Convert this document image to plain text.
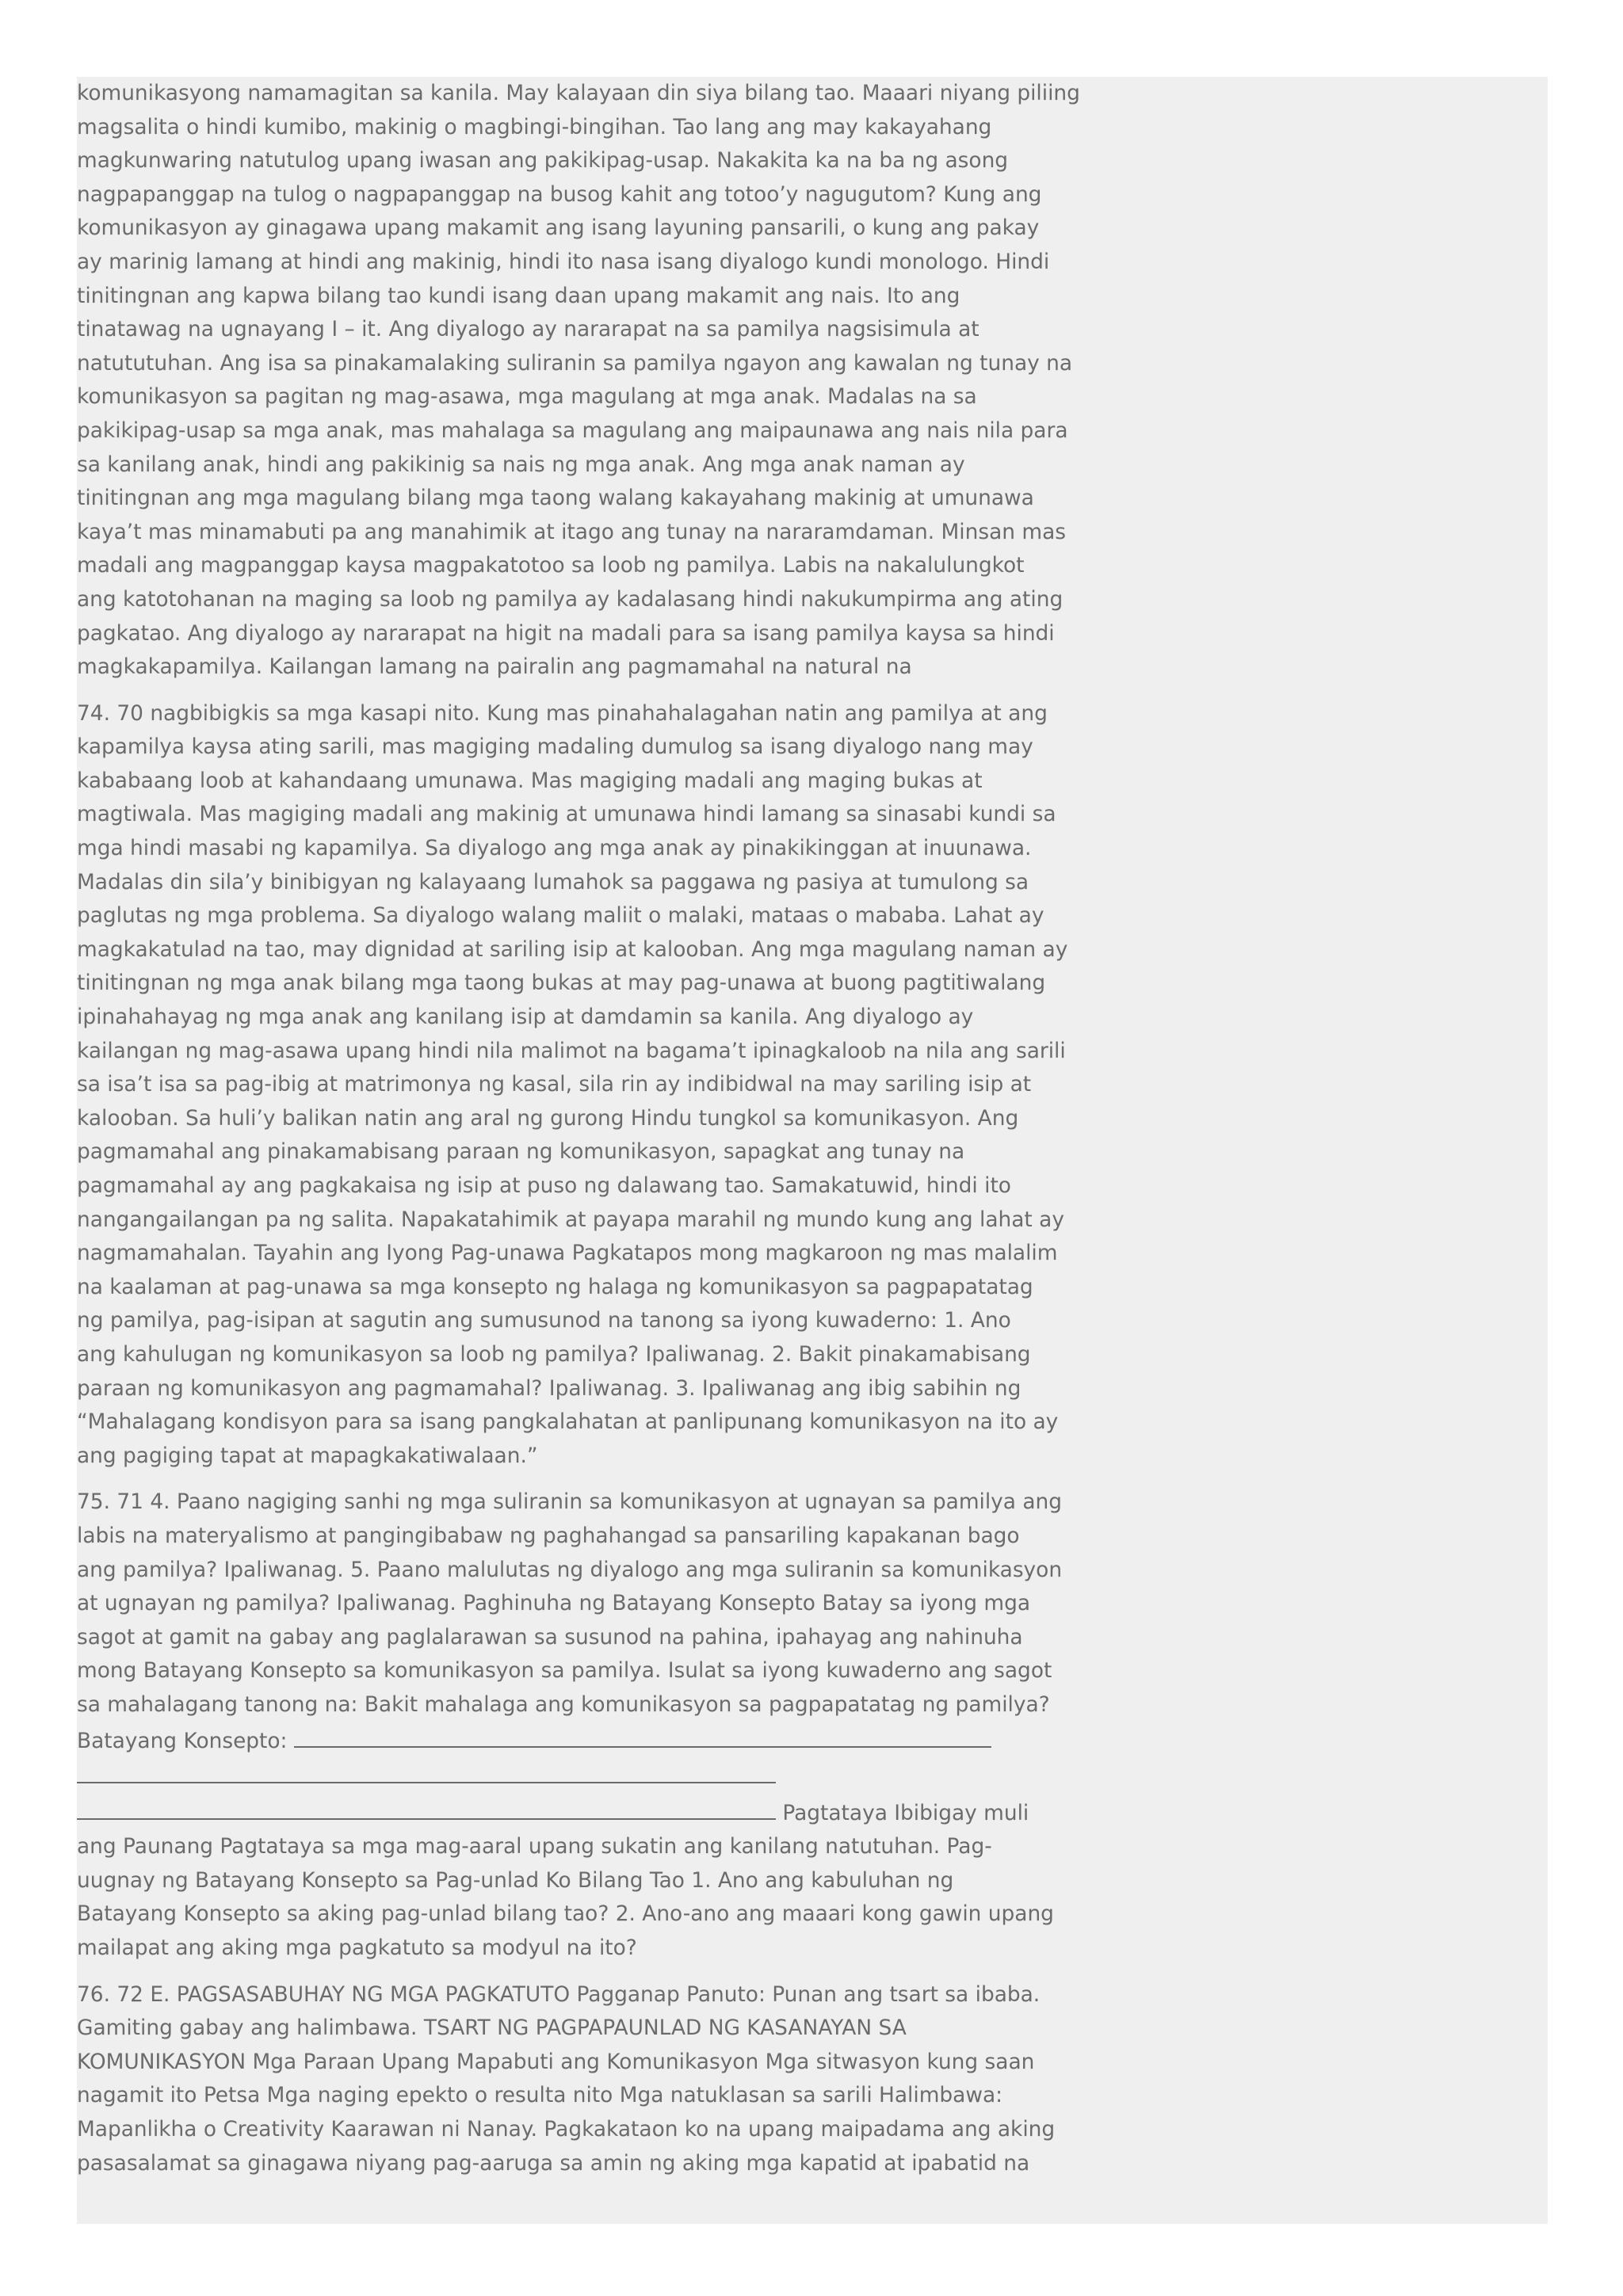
komunikasyong namamagitan sa kanila. May kalayaan din siya bilang tao. Maaari niyang piliing
magsalita o hindi kumibo, makinig o magbingi-bingihan. Tao lang ang may kakayahang
magkunwaring natutulog upang iwasan ang pakikipag-usap. Nakakita ka na ba ng asong
nagpapanggap na tulog o nagpapanggap na busog kahit ang totoo’y nagugutom? Kung ang
komunikasyon ay ginagawa upang makamit ang isang layuning pansarili, o kung ang pakay
ay marinig lamang at hindi ang makinig, hindi ito nasa isang diyalogo kundi monologo. Hindi
tinitingnan ang kapwa bilang tao kundi isang daan upang makamit ang nais. Ito ang
tinatawag na ugnayang I – it. Ang diyalogo ay nararapat na sa pamilya nagsisimula at
natututuhan. Ang isa sa pinakamalaking suliranin sa pamilya ngayon ang kawalan ng tunay na
komunikasyon sa pagitan ng mag-asawa, mga magulang at mga anak. Madalas na sa
pakikipag-usap sa mga anak, mas mahalaga sa magulang ang maipaunawa ang nais nila para
sa kanilang anak, hindi ang pakikinig sa nais ng mga anak. Ang mga anak naman ay
tinitingnan ang mga magulang bilang mga taong walang kakayahang makinig at umunawa
kaya’t mas minamabuti pa ang manahimik at itago ang tunay na nararamdaman. Minsan mas
madali ang magpanggap kaysa magpakatotoo sa loob ng pamilya. Labis na nakalulungkot
ang katotohanan na maging sa loob ng pamilya ay kadalasang hindi nakukumpirma ang ating
pagkatao. Ang diyalogo ay nararapat na higit na madali para sa isang pamilya kaysa sa hindi
magkakapamilya. Kailangan lamang na pairalin ang pagmamahal na natural na
74. 70 nagbibigkis sa mga kasapi nito. Kung mas pinahahalagahan natin ang pamilya at ang
kapamilya kaysa ating sarili, mas magiging madaling dumulog sa isang diyalogo nang may
kababaang loob at kahandaang umunawa. Mas magiging madali ang maging bukas at
magtiwala. Mas magiging madali ang makinig at umunawa hindi lamang sa sinasabi kundi sa
mga hindi masabi ng kapamilya. Sa diyalogo ang mga anak ay pinakikinggan at inuunawa.
Madalas din sila’y binibigyan ng kalayaang lumahok sa paggawa ng pasiya at tumulong sa
paglutas ng mga problema. Sa diyalogo walang maliit o malaki, mataas o mababa. Lahat ay
magkakatulad na tao, may dignidad at sariling isip at kalooban. Ang mga magulang naman ay
tinitingnan ng mga anak bilang mga taong bukas at may pag-unawa at buong pagtitiwalang
ipinahahayag ng mga anak ang kanilang isip at damdamin sa kanila. Ang diyalogo ay
kailangan ng mag-asawa upang hindi nila malimot na bagama’t ipinagkaloob na nila ang sarili
sa isa’t isa sa pag-ibig at matrimonya ng kasal, sila rin ay indibidwal na may sariling isip at
kalooban. Sa huli’y balikan natin ang aral ng gurong Hindu tungkol sa komunikasyon. Ang
pagmamahal ang pinakamabisang paraan ng komunikasyon, sapagkat ang tunay na
pagmamahal ay ang pagkakaisa ng isip at puso ng dalawang tao. Samakatuwid, hindi ito
nangangailangan pa ng salita. Napakatahimik at payapa marahil ng mundo kung ang lahat ay
nagmamahalan. Tayahin ang Iyong Pag-unawa Pagkatapos mong magkaroon ng mas malalim
na kaalaman at pag-unawa sa mga konsepto ng halaga ng komunikasyon sa pagpapatatag
ng pamilya, pag-isipan at sagutin ang sumusunod na tanong sa iyong kuwaderno: 1. Ano
ang kahulugan ng komunikasyon sa loob ng pamilya? Ipaliwanag. 2. Bakit pinakamabisang
paraan ng komunikasyon ang pagmamahal? Ipaliwanag. 3. Ipaliwanag ang ibig sabihin ng
“Mahalagang kondisyon para sa isang pangkalahatan at panlipunang komunikasyon na ito ay
ang pagiging tapat at mapagkakatiwalaan.”
75. 71 4. Paano nagiging sanhi ng mga suliranin sa komunikasyon at ugnayan sa pamilya ang
labis na materyalismo at pangingibabaw ng paghahangad sa pansariling kapakanan bago
ang pamilya? Ipaliwanag. 5. Paano malulutas ng diyalogo ang mga suliranin sa komunikasyon
at ugnayan ng pamilya? Ipaliwanag. Paghinuha ng Batayang Konsepto Batay sa iyong mga
sagot at gamit na gabay ang paglalarawan sa susunod na pahina, ipahayag ang nahinuha
mong Batayang Konsepto sa komunikasyon sa pamilya. Isulat sa iyong kuwaderno ang sagot
sa mahalagang tanong na: Bakit mahalaga ang komunikasyon sa pagpapatatag ng pamilya?
Batayang Konsepto:
Pagtataya Ibibigay muli
ang Paunang Pagtataya sa mga mag-aaral upang sukatin ang kanilang natutuhan. Pag-
uugnay ng Batayang Konsepto sa Pag-unlad Ko Bilang Tao 1. Ano ang kabuluhan ng
Batayang Konsepto sa aking pag-unlad bilang tao? 2. Ano-ano ang maaari kong gawin upang
mailapat ang aking mga pagkatuto sa modyul na ito?
76. 72 E. PAGSASABUHAY NG MGA PAGKATUTO Pagganap Panuto: Punan ang tsart sa ibaba.
Gamiting gabay ang halimbawa. TSART NG PAGPAPAUNLAD NG KASANAYAN SA
KOMUNIKASYON Mga Paraan Upang Mapabuti ang Komunikasyon Mga sitwasyon kung saan
nagamit ito Petsa Mga naging epekto o resulta nito Mga natuklasan sa sarili Halimbawa:
Mapanlikha o Creativity Kaarawan ni Nanay. Pagkakataon ko na upang maipadama ang aking
pasasalamat sa ginagawa niyang pag-aaruga sa amin ng aking mga kapatid at ipabatid na
